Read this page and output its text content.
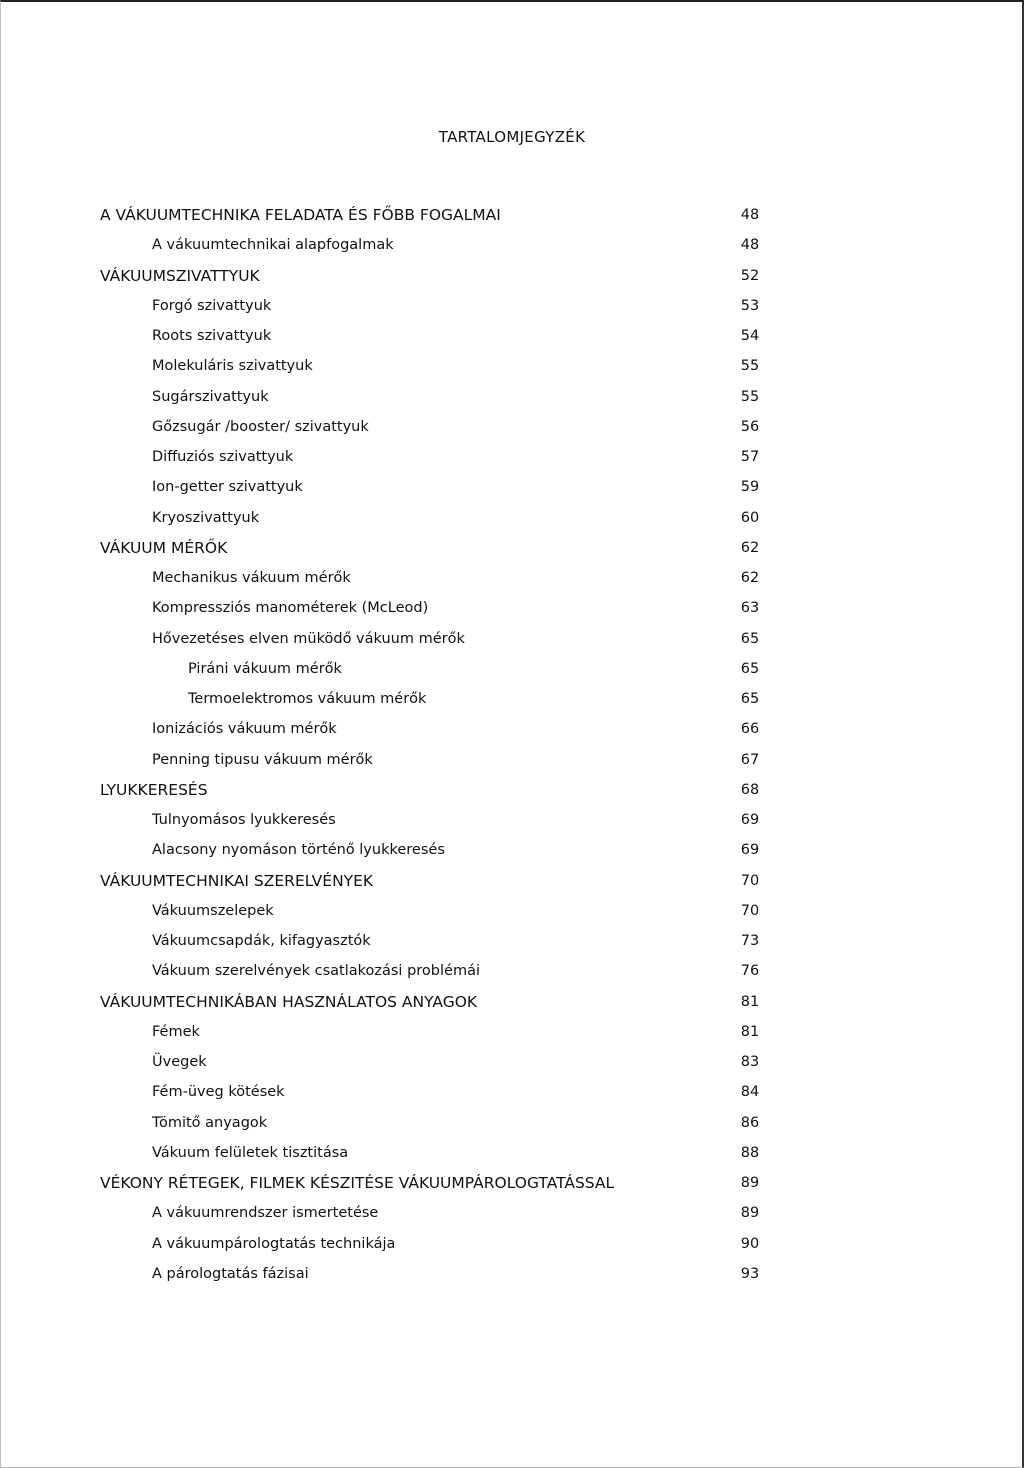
TARTALOMJEGYZÉK
A VÁKUUMTECHNIKA FELADATA ÉS FŐBB FOGALMAI	48
A vákuumtechnikai alapfogalmak	48
VÁKUUMSZIVATTYUK	52
Forgó szivattyuk	53
Roots szivattyuk	54
Molekuláris szivattyuk	55
Sugárszivattyuk	55
Gőzsugár /booster/ szivattyuk	56
Diffuziós szivattyuk	57
Ion-getter szivattyuk	59
Kryoszivattyuk	60
VÁKUUM MÉRŐK	62
Mechanikus vákuum mérők	62
Kompressziós manométerek (McLeod)	63
Hővezetéses elven müködő vákuum mérők	65
Piráni vákuum mérők	65
Termoelektromos vákuum mérők	65
Ionizációs vákuum mérők	66
Penning tipusu vákuum mérők	67
LYUKKERESÉS	68
Tulnyomásos lyukkeresés	69
Alacsony nyomáson történő lyukkeresés	69
VÁKUUMTECHNIKAI SZERELVÉNYEK	70
Vákuumszelepek	70
Vákuumcsapdák, kifagyasztók	73
Vákuum szerelvények csatlakozási problémái	76
VÁKUUMTECHNIKÁBAN HASZNÁLATOS ANYAGOK	81
Fémek	81
Üvegek	83
Fém-üveg kötések	84
Tömitő anyagok	86
Vákuum felületek tisztitása	88
VÉKONY RÉTEGEK, FILMEK KÉSZITÉSE VÁKUUMPÁROLOGTATÁSSAL	89
A vákuumrendszer ismertetése	89
A vákuumpárologtatás technikája	90
A párologtatás fázisai	93
